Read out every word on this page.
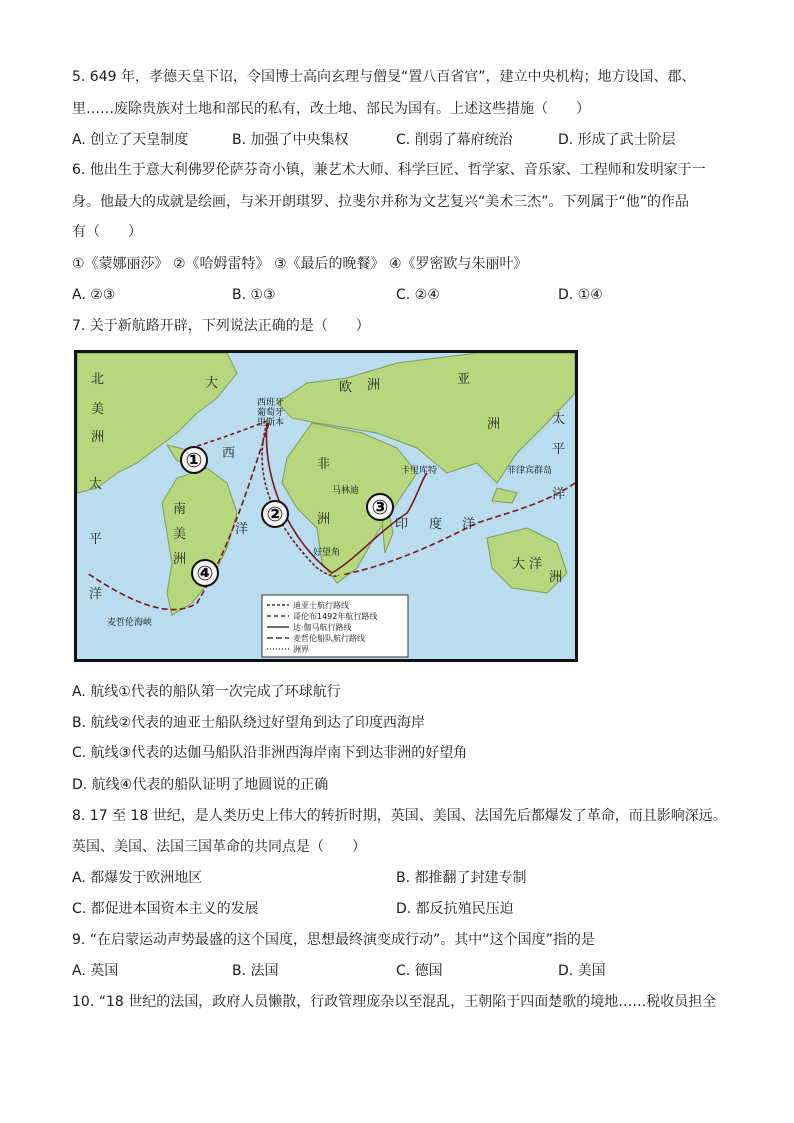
5. 649 年，孝德天皇下诏，令国博士高向玄理与僧旻“置八百省官”，建立中央机构；地方设国、郡、
里……废除贵族对土地和部民的私有，改土地、部民为国有。上述这些措施（　　）
A. 创立了天皇制度	B. 加强了中央集权	C. 削弱了幕府统治	D. 形成了武士阶层
6. 他出生于意大利佛罗伦萨芬奇小镇，兼艺术大师、科学巨匠、哲学家、音乐家、工程师和发明家于一
身。他最大的成就是绘画，与米开朗琪罗、拉斐尔并称为文艺复兴“美术三杰”。下列属于“他”的作品
有（　　）
①《蒙娜丽莎》 ②《哈姆雷特》 ③《最后的晚餐》 ④《罗密欧与朱丽叶》
A. ②③	B. ①③	C. ②④	D. ①④
7. 关于新航路开辟，下列说法正确的是（　　）
①
②	③
④
北
美
洲
南
美
洲
欧 洲	亚
洲
非
洲
大 洋
洲
大
西
洋
太
平
洋
太
平
洋
印 度 洋
西班牙
葡萄牙
里斯本
卡里库特
马林迪
好望角
菲律宾群岛
麦哲伦海峡
迪亚士航行路线
哥伦布1492年航行路线
达·伽马航行路线
麦哲伦船队航行路线
洲界
A. 航线①代表的船队第一次完成了环球航行
B. 航线②代表的迪亚士船队绕过好望角到达了印度西海岸
C. 航线③代表的达伽马船队沿非洲西海岸南下到达非洲的好望角
D. 航线④代表的船队证明了地圆说的正确
8. 17 至 18 世纪，是人类历史上伟大的转折时期，英国、美国、法国先后都爆发了革命，而且影响深远。
英国、美国、法国三国革命的共同点是（　　）
A. 都爆发于欧洲地区	B. 都推翻了封建专制
C. 都促进本国资本主义的发展	D. 都反抗殖民压迫
9. “在启蒙运动声势最盛的这个国度，思想最终演变成行动”。其中“这个国度”指的是
A. 英国	B. 法国	C. 德国	D. 美国
10. “18 世纪的法国，政府人员懒散，行政管理庞杂以至混乱，王朝陷于四面楚歌的境地……税收员担全
